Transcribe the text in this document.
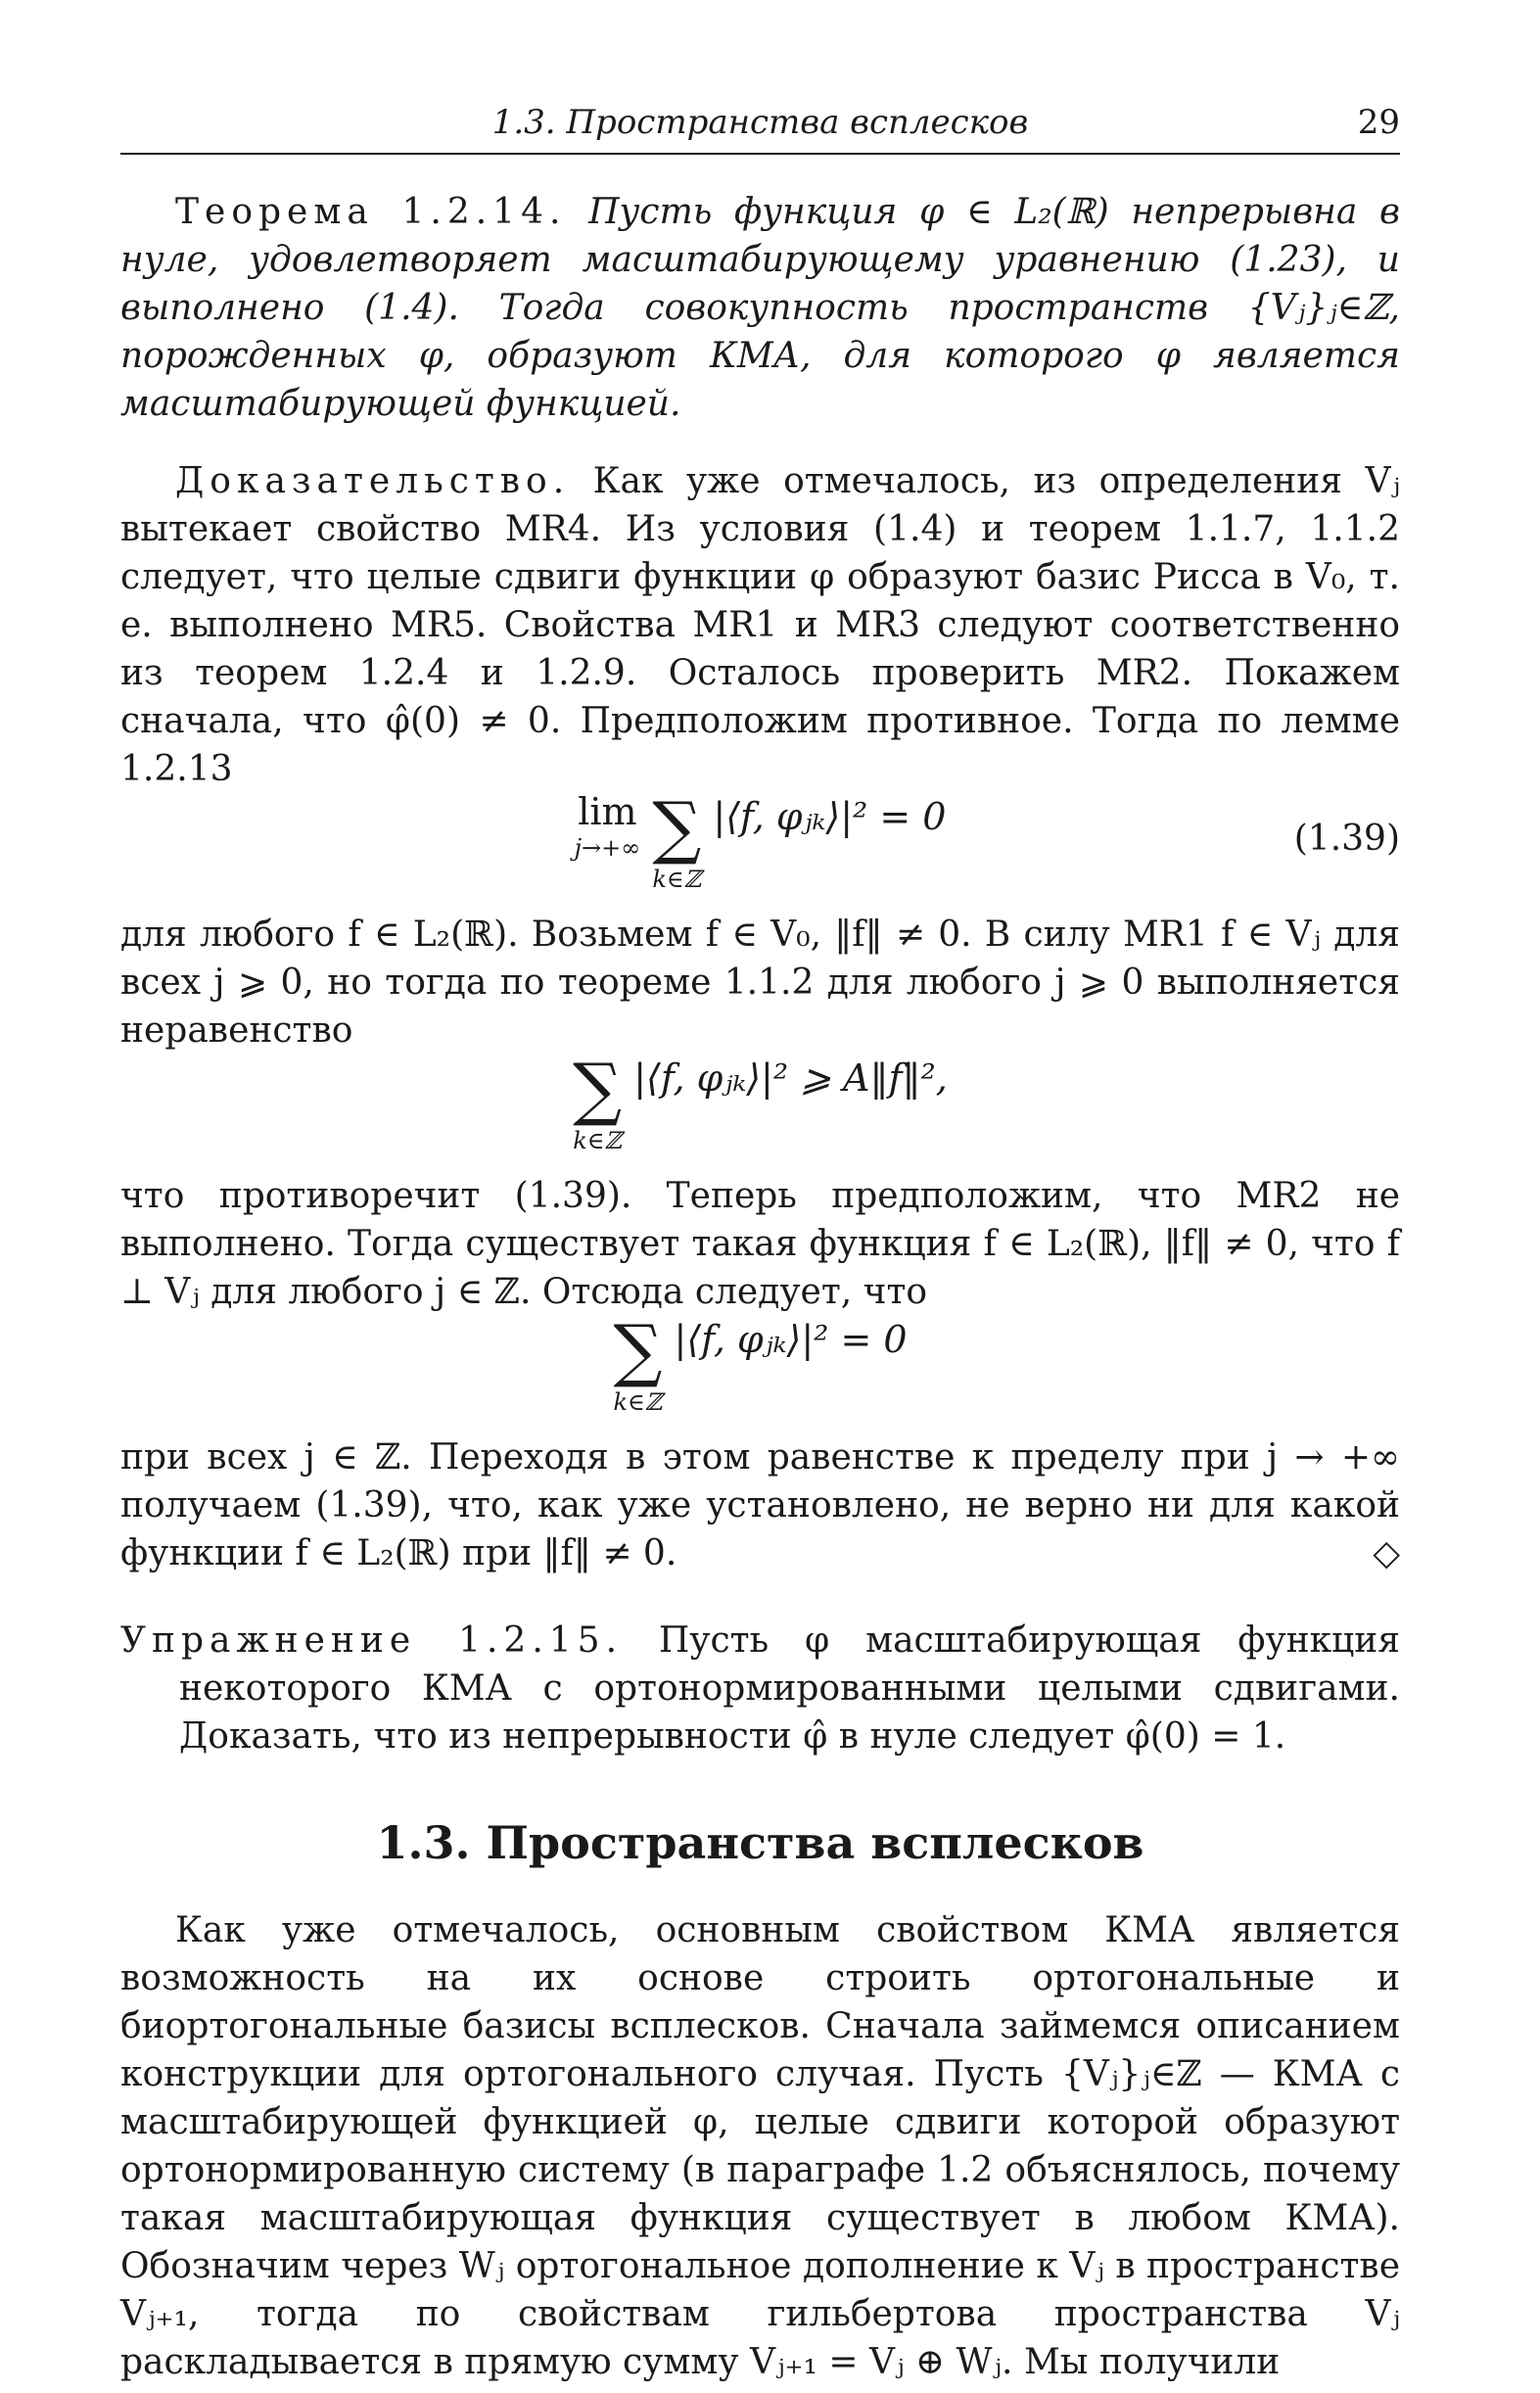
1.3. Пространства всплесков	29

Теорема 1.2.14. Пусть функция φ ∈ L₂(ℝ) непрерывна в нуле, удовлетворяет масштабирующему уравнению (1.23), и выполнено (1.4). Тогда совокупность пространств {Vⱼ}ⱼ∈ℤ, порожденных φ, образуют КМА, для которого φ является масштабирующей функцией.

Доказательство. Как уже отмечалось, из определения Vⱼ вытекает свойство MR4. Из условия (1.4) и теорем 1.1.7, 1.1.2 следует, что целые сдвиги функции φ образуют базис Рисса в V₀, т. е. выполнено MR5. Свойства MR1 и MR3 следуют соответственно из теорем 1.2.4 и 1.2.9. Осталось проверить MR2. Покажем сначала, что φ̂(0) ≠ 0. Предположим противное. Тогда по лемме 1.2.13

lim
j→+∞ ∑
k∈ℤ
|⟨f, φⱼₖ⟩|² = 0
(1.39)

для любого f ∈ L₂(ℝ). Возьмем f ∈ V₀, ‖f‖ ≠ 0. В силу MR1 f ∈ Vⱼ для всех j ⩾ 0, но тогда по теореме 1.1.2 для любого j ⩾ 0 выполняется неравенство

∑
k∈ℤ
|⟨f, φⱼₖ⟩|² ⩾ A‖f‖²,

что противоречит (1.39). Теперь предположим, что MR2 не выполнено. Тогда существует такая функция f ∈ L₂(ℝ), ‖f‖ ≠ 0, что f ⊥ Vⱼ для любого j ∈ ℤ. Отсюда следует, что

∑
k∈ℤ
|⟨f, φⱼₖ⟩|² = 0

при всех j ∈ ℤ. Переходя в этом равенстве к пределу при j → +∞ получаем (1.39), что, как уже установлено, не верно ни для какой функции f ∈ L₂(ℝ) при ‖f‖ ≠ 0.	◇

Упражнение 1.2.15. Пусть φ масштабирующая функция некоторого КМА с ортонормированными целыми сдвигами. Доказать, что из непрерывности φ̂ в нуле следует φ̂(0) = 1.

1.3. Пространства всплесков

Как уже отмечалось, основным свойством КМА является возможность на их основе строить ортогональные и биортогональные базисы всплесков. Сначала займемся описанием конструкции для ортогонального случая. Пусть {Vⱼ}ⱼ∈ℤ — КМА с масштабирующей функцией φ, целые сдвиги которой образуют ортонормированную систему (в параграфе 1.2 объяснялось, почему такая масштабирующая функция существует в любом КМА). Обозначим через Wⱼ ортогональное дополнение к Vⱼ в пространстве Vⱼ₊₁, тогда по свойствам гильбертова пространства Vⱼ раскладывается в прямую сумму Vⱼ₊₁ = Vⱼ ⊕ Wⱼ. Мы получили
